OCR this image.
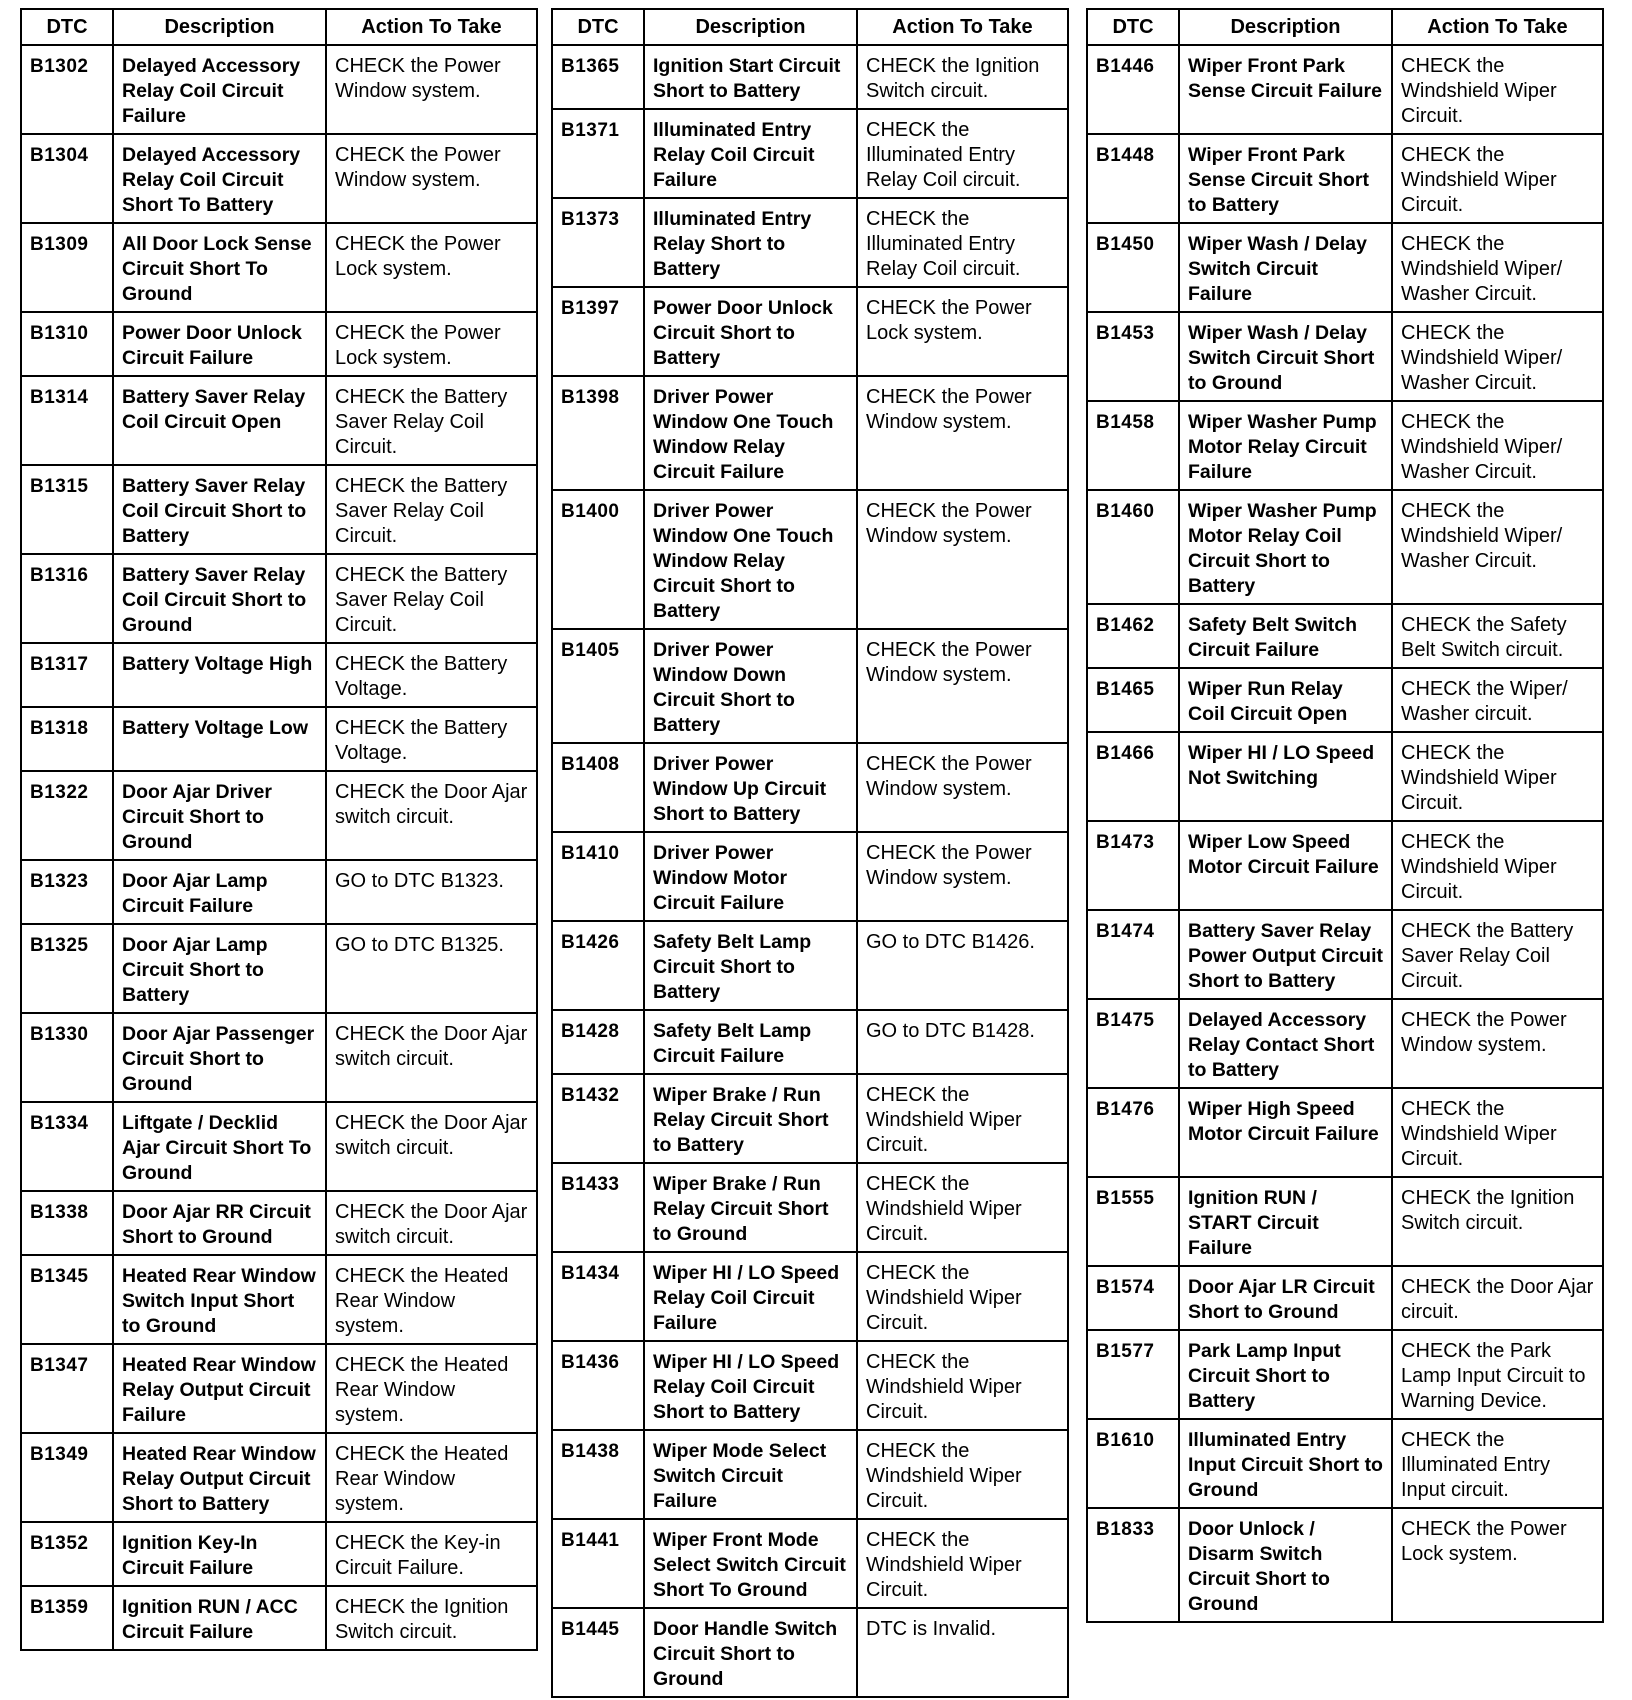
DTC	Description	Action To Take
B1302	Delayed Accessory Relay Coil Circuit Failure	CHECK the Power Window system.
B1304	Delayed Accessory Relay Coil Circuit Short To Battery	CHECK the Power Window system.
B1309	All Door Lock Sense Circuit Short To Ground	CHECK the Power Lock system.
B1310	Power Door Unlock Circuit Failure	CHECK the Power Lock system.
B1314	Battery Saver Relay Coil Circuit Open	CHECK the Battery Saver Relay Coil Circuit.
B1315	Battery Saver Relay Coil Circuit Short to Battery	CHECK the Battery Saver Relay Coil Circuit.
B1316	Battery Saver Relay Coil Circuit Short to Ground	CHECK the Battery Saver Relay Coil Circuit.
B1317	Battery Voltage High	CHECK the Battery Voltage.
B1318	Battery Voltage Low	CHECK the Battery Voltage.
B1322	Door Ajar Driver Circuit Short to Ground	CHECK the Door Ajar switch circuit.
B1323	Door Ajar Lamp Circuit Failure	GO to DTC B1323.
B1325	Door Ajar Lamp Circuit Short to Battery	GO to DTC B1325.
B1330	Door Ajar Passenger Circuit Short to Ground	CHECK the Door Ajar switch circuit.
B1334	Liftgate / Decklid Ajar Circuit Short To Ground	CHECK the Door Ajar switch circuit.
B1338	Door Ajar RR Circuit Short to Ground	CHECK the Door Ajar switch circuit.
B1345	Heated Rear Window Switch Input Short to Ground	CHECK the Heated Rear Window system.
B1347	Heated Rear Window Relay Output Circuit Failure	CHECK the Heated Rear Window system.
B1349	Heated Rear Window Relay Output Circuit Short to Battery	CHECK the Heated Rear Window system.
B1352	Ignition Key-In Circuit Failure	CHECK the Key-in Circuit Failure.
B1359	Ignition RUN / ACC Circuit Failure	CHECK the Ignition Switch circuit.
DTC	Description	Action To Take
B1365	Ignition Start Circuit Short to Battery	CHECK the Ignition Switch circuit.
B1371	Illuminated Entry Relay Coil Circuit Failure	CHECK the Illuminated Entry Relay Coil circuit.
B1373	Illuminated Entry Relay Short to Battery	CHECK the Illuminated Entry Relay Coil circuit.
B1397	Power Door Unlock Circuit Short to Battery	CHECK the Power Lock system.
B1398	Driver Power Window One Touch Window Relay Circuit Failure	CHECK the Power Window system.
B1400	Driver Power Window One Touch Window Relay Circuit Short to Battery	CHECK the Power Window system.
B1405	Driver Power Window Down Circuit Short to Battery	CHECK the Power Window system.
B1408	Driver Power Window Up Circuit Short to Battery	CHECK the Power Window system.
B1410	Driver Power Window Motor Circuit Failure	CHECK the Power Window system.
B1426	Safety Belt Lamp Circuit Short to Battery	GO to DTC B1426.
B1428	Safety Belt Lamp Circuit Failure	GO to DTC B1428.
B1432	Wiper Brake / Run Relay Circuit Short to Battery	CHECK the Windshield Wiper Circuit.
B1433	Wiper Brake / Run Relay Circuit Short to Ground	CHECK the Windshield Wiper Circuit.
B1434	Wiper HI / LO Speed Relay Coil Circuit Failure	CHECK the Windshield Wiper Circuit.
B1436	Wiper HI / LO Speed Relay Coil Circuit Short to Battery	CHECK the Windshield Wiper Circuit.
B1438	Wiper Mode Select Switch Circuit Failure	CHECK the Windshield Wiper Circuit.
B1441	Wiper Front Mode Select Switch Circuit Short To Ground	CHECK the Windshield Wiper Circuit.
B1445	Door Handle Switch Circuit Short to Ground	DTC is Invalid.
DTC	Description	Action To Take
B1446	Wiper Front Park Sense Circuit Failure	CHECK the Windshield Wiper Circuit.
B1448	Wiper Front Park Sense Circuit Short to Battery	CHECK the Windshield Wiper Circuit.
B1450	Wiper Wash / Delay Switch Circuit Failure	CHECK the Windshield Wiper/ Washer Circuit.
B1453	Wiper Wash / Delay Switch Circuit Short to Ground	CHECK the Windshield Wiper/ Washer Circuit.
B1458	Wiper Washer Pump Motor Relay Circuit Failure	CHECK the Windshield Wiper/ Washer Circuit.
B1460	Wiper Washer Pump Motor Relay Coil Circuit Short to Battery	CHECK the Windshield Wiper/ Washer Circuit.
B1462	Safety Belt Switch Circuit Failure	CHECK the Safety Belt Switch circuit.
B1465	Wiper Run Relay Coil Circuit Open	CHECK the Wiper/ Washer circuit.
B1466	Wiper HI / LO Speed Not Switching	CHECK the Windshield Wiper Circuit.
B1473	Wiper Low Speed Motor Circuit Failure	CHECK the Windshield Wiper Circuit.
B1474	Battery Saver Relay Power Output Circuit Short to Battery	CHECK the Battery Saver Relay Coil Circuit.
B1475	Delayed Accessory Relay Contact Short to Battery	CHECK the Power Window system.
B1476	Wiper High Speed Motor Circuit Failure	CHECK the Windshield Wiper Circuit.
B1555	Ignition RUN / START Circuit Failure	CHECK the Ignition Switch circuit.
B1574	Door Ajar LR Circuit Short to Ground	CHECK the Door Ajar circuit.
B1577	Park Lamp Input Circuit Short to Battery	CHECK the Park Lamp Input Circuit to Warning Device.
B1610	Illuminated Entry Input Circuit Short to Ground	CHECK the Illuminated Entry Input circuit.
B1833	Door Unlock / Disarm Switch Circuit Short to Ground	CHECK the Power Lock system.
